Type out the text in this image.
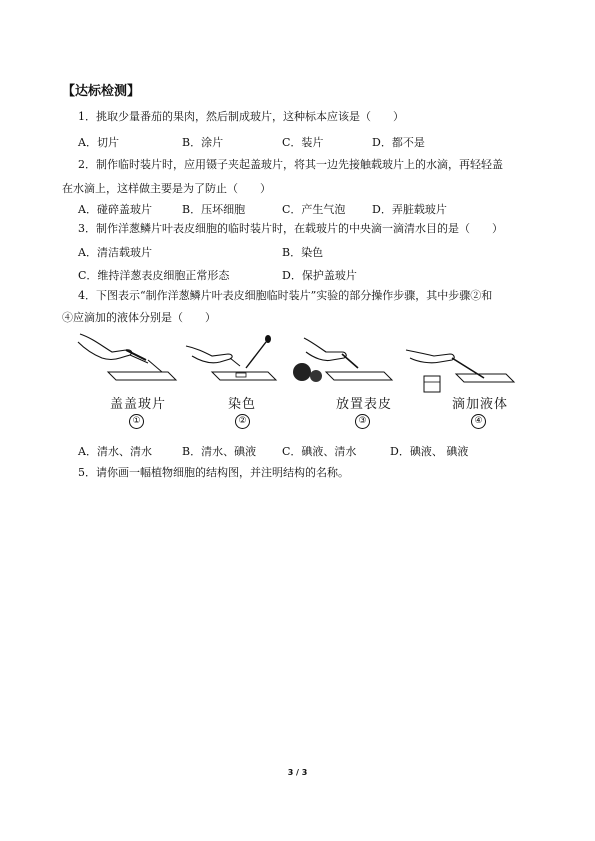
【达标检测】
1．挑取少量番茄的果肉，然后制成玻片，这种标本应该是（　　）
A．切片	B．涂片	C．装片	D．都不是
2．制作临时装片时，应用镊子夹起盖玻片，将其一边先接触载玻片上的水滴，再轻轻盖
在水滴上，这样做主要是为了防止（　　）
A．碰碎盖玻片	B．压坏细胞	C．产生气泡 D．弄脏载玻片
3．制作洋葱鳞片叶表皮细胞的临时装片时，在载玻片的中央滴一滴清水目的是（　　）
A．清洁载玻片	B．染色
C．维持洋葱表皮细胞正常形态	D．保护盖玻片
4．下图表示“制作洋葱鳞片叶表皮细胞临时装片”实验的部分操作步骤，其中步骤②和
④应滴加的液体分别是（　　）
盖盖玻片	染色	放置表皮	滴加液体
①	②	③	④
A．清水、清水	B．清水、碘液 C．碘液、清水	D．碘液、 碘液
5．请你画一幅植物细胞的结构图，并注明结构的名称。
3 / 3
